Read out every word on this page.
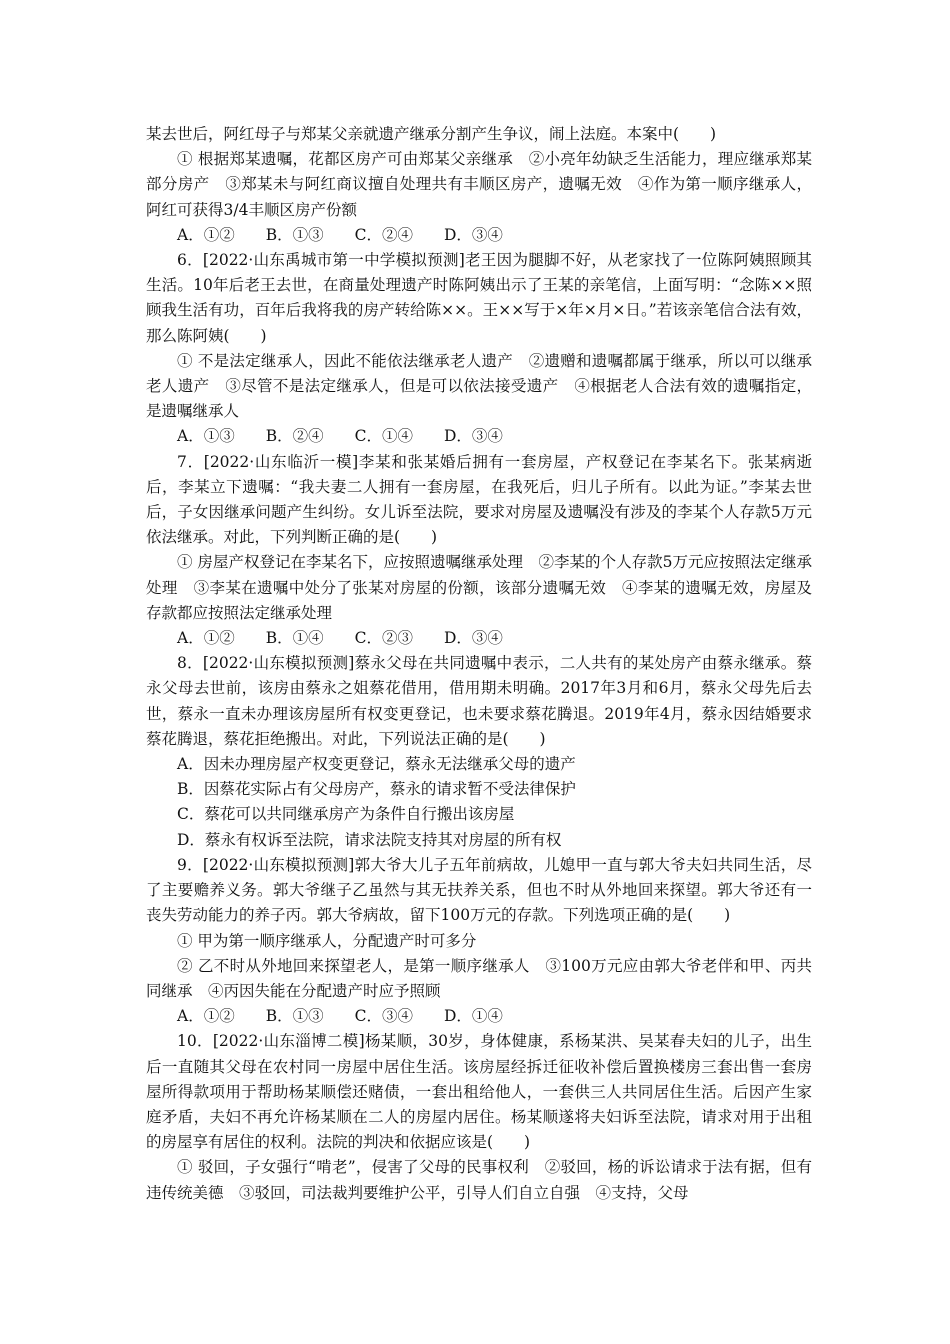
某去世后，阿红母子与郑某父亲就遗产继承分割产生争议，闹上法庭。本案中(　　)

① 根据郑某遗嘱，花都区房产可由郑某父亲继承　②小亮年幼缺乏生活能力，理应继承郑某部分房产　③郑某未与阿红商议擅自处理共有丰顺区房产，遗嘱无效　④作为第一顺序继承人，阿红可获得3/4丰顺区房产份额

A．①②　　B．①③　　C．②④　　D．③④

6．[2022·山东禹城市第一中学模拟预测]老王因为腿脚不好，从老家找了一位陈阿姨照顾其生活。10年后老王去世，在商量处理遗产时陈阿姨出示了王某的亲笔信，上面写明：“念陈××照顾我生活有功，百年后我将我的房产转给陈××。王××写于×年×月×日。”若该亲笔信合法有效，那么陈阿姨(　　)

① 不是法定继承人，因此不能依法继承老人遗产　②遗赠和遗嘱都属于继承，所以可以继承老人遗产　③尽管不是法定继承人，但是可以依法接受遗产　④根据老人合法有效的遗嘱指定，是遗嘱继承人

A．①③　　B．②④　　C．①④　　D．③④

7．[2022·山东临沂一模]李某和张某婚后拥有一套房屋，产权登记在李某名下。张某病逝后，李某立下遗嘱：“我夫妻二人拥有一套房屋，在我死后，归儿子所有。以此为证。”李某去世后，子女因继承问题产生纠纷。女儿诉至法院，要求对房屋及遗嘱没有涉及的李某个人存款5万元依法继承。对此，下列判断正确的是(　　)

① 房屋产权登记在李某名下，应按照遗嘱继承处理　②李某的个人存款5万元应按照法定继承处理　③李某在遗嘱中处分了张某对房屋的份额，该部分遗嘱无效　④李某的遗嘱无效，房屋及存款都应按照法定继承处理

A．①②　　B．①④　　C．②③　　D．③④

8．[2022·山东模拟预测]蔡永父母在共同遗嘱中表示，二人共有的某处房产由蔡永继承。蔡永父母去世前，该房由蔡永之姐蔡花借用，借用期未明确。2017年3月和6月，蔡永父母先后去世，蔡永一直未办理该房屋所有权变更登记，也未要求蔡花腾退。2019年4月，蔡永因结婚要求蔡花腾退，蔡花拒绝搬出。对此，下列说法正确的是(　　)

A．因未办理房屋产权变更登记，蔡永无法继承父母的遗产

B．因蔡花实际占有父母房产，蔡永的请求暂不受法律保护

C．蔡花可以共同继承房产为条件自行搬出该房屋

D．蔡永有权诉至法院，请求法院支持其对房屋的所有权

9．[2022·山东模拟预测]郭大爷大儿子五年前病故，儿媳甲一直与郭大爷夫妇共同生活，尽了主要赡养义务。郭大爷继子乙虽然与其无扶养关系，但也不时从外地回来探望。郭大爷还有一丧失劳动能力的养子丙。郭大爷病故，留下100万元的存款。下列选项正确的是(　　)

① 甲为第一顺序继承人，分配遗产时可多分

② 乙不时从外地回来探望老人，是第一顺序继承人　③100万元应由郭大爷老伴和甲、丙共同继承　④丙因失能在分配遗产时应予照顾

A．①②　　B．①③　　C．③④　　D．①④

10．[2022·山东淄博二模]杨某顺，30岁，身体健康，系杨某洪、吴某春夫妇的儿子，出生后一直随其父母在农村同一房屋中居住生活。该房屋经拆迁征收补偿后置换楼房三套出售一套房屋所得款项用于帮助杨某顺偿还赌债，一套出租给他人，一套供三人共同居住生活。后因产生家庭矛盾，夫妇不再允许杨某顺在二人的房屋内居住。杨某顺遂将夫妇诉至法院，请求对用于出租的房屋享有居住的权利。法院的判决和依据应该是(　　)

① 驳回，子女强行“啃老”，侵害了父母的民事权利　②驳回，杨的诉讼请求于法有据，但有违传统美德　③驳回，司法裁判要维护公平，引导人们自立自强　④支持，父母
